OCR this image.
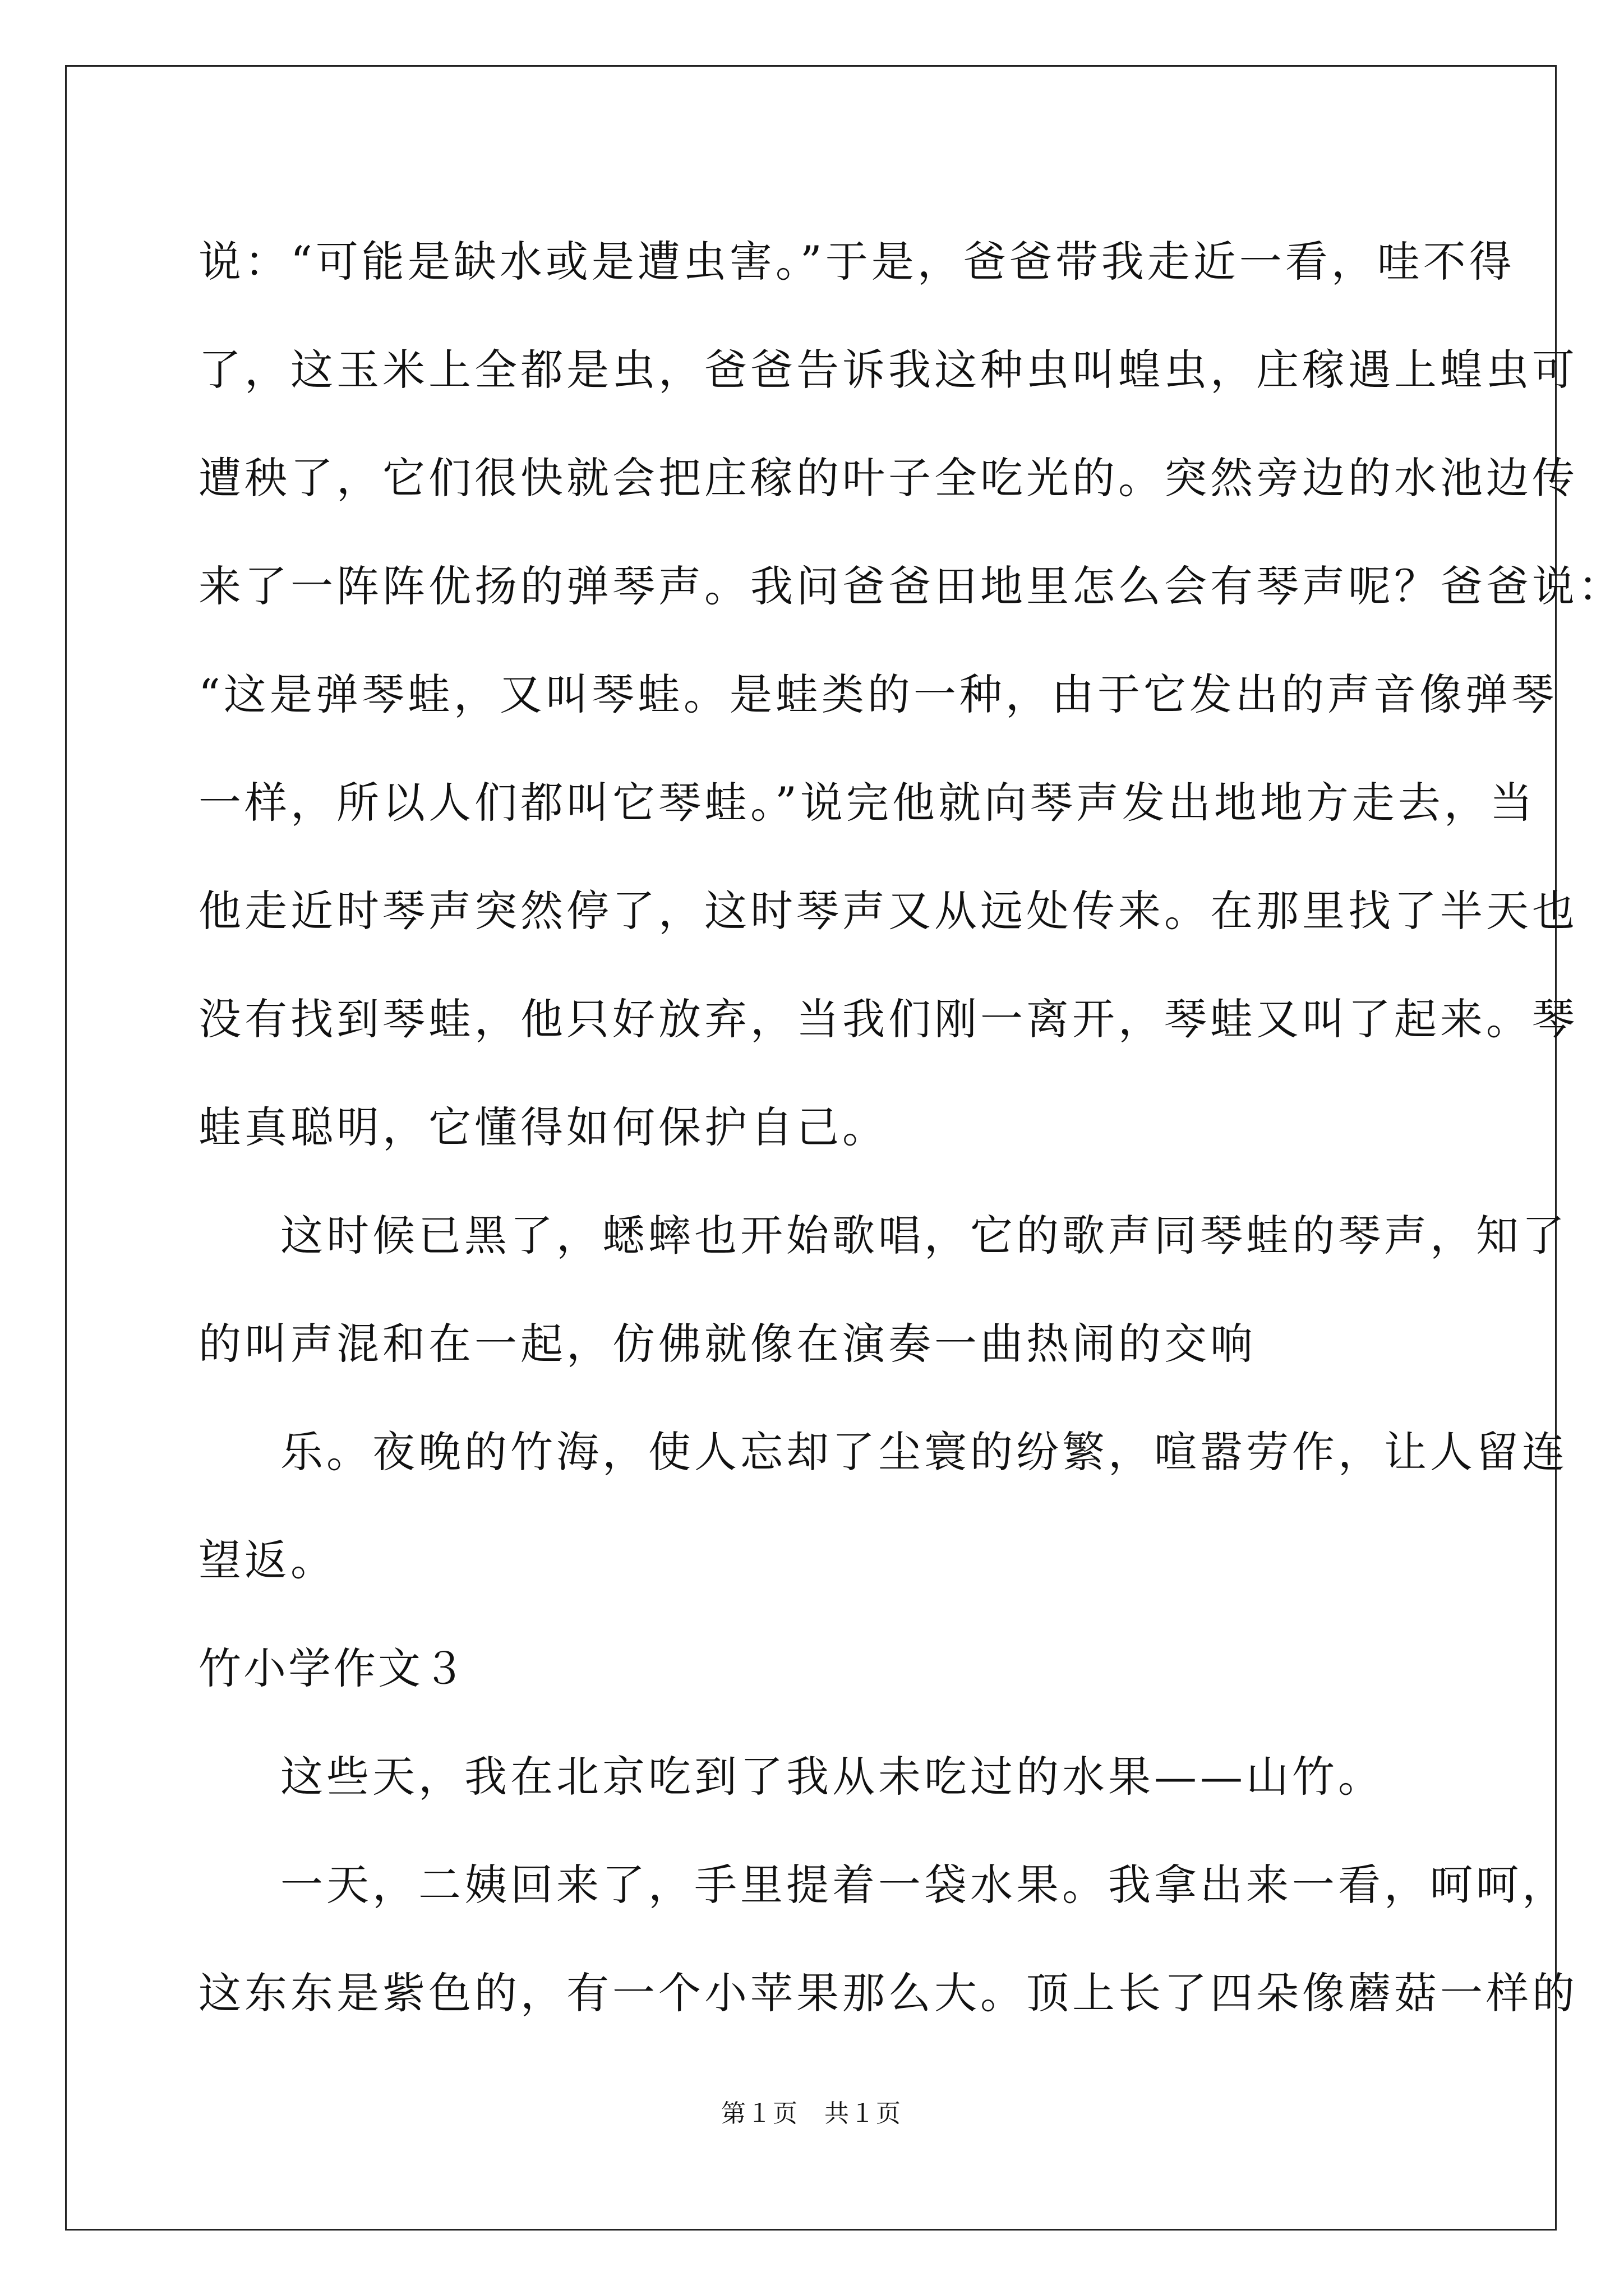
说：“可能是缺水或是遭虫害。”于是，爸爸带我走近一看，哇不得
了，这玉米上全都是虫，爸爸告诉我这种虫叫蝗虫，庄稼遇上蝗虫可
遭秧了，它们很快就会把庄稼的叶子全吃光的。突然旁边的水池边传
来了一阵阵优扬的弹琴声。我问爸爸田地里怎么会有琴声呢？爸爸说：
“这是弹琴蛙，又叫琴蛙。是蛙类的一种，由于它发出的声音像弹琴
一样，所以人们都叫它琴蛙。”说完他就向琴声发出地地方走去，当
他走近时琴声突然停了，这时琴声又从远处传来。在那里找了半天也
没有找到琴蛙，他只好放弃，当我们刚一离开，琴蛙又叫了起来。琴
蛙真聪明，它懂得如何保护自己。
这时候已黑了，蟋蟀也开始歌唱，它的歌声同琴蛙的琴声，知了
的叫声混和在一起，仿佛就像在演奏一曲热闹的交响
乐。夜晚的竹海，使人忘却了尘寰的纷繁，喧嚣劳作，让人留连
望返。
竹小学作文３
这些天，我在北京吃到了我从未吃过的水果——山竹。
一天，二姨回来了，手里提着一袋水果。我拿出来一看，呵呵，
这东东是紫色的，有一个小苹果那么大。顶上长了四朵像蘑菇一样的
第１页　共１页
